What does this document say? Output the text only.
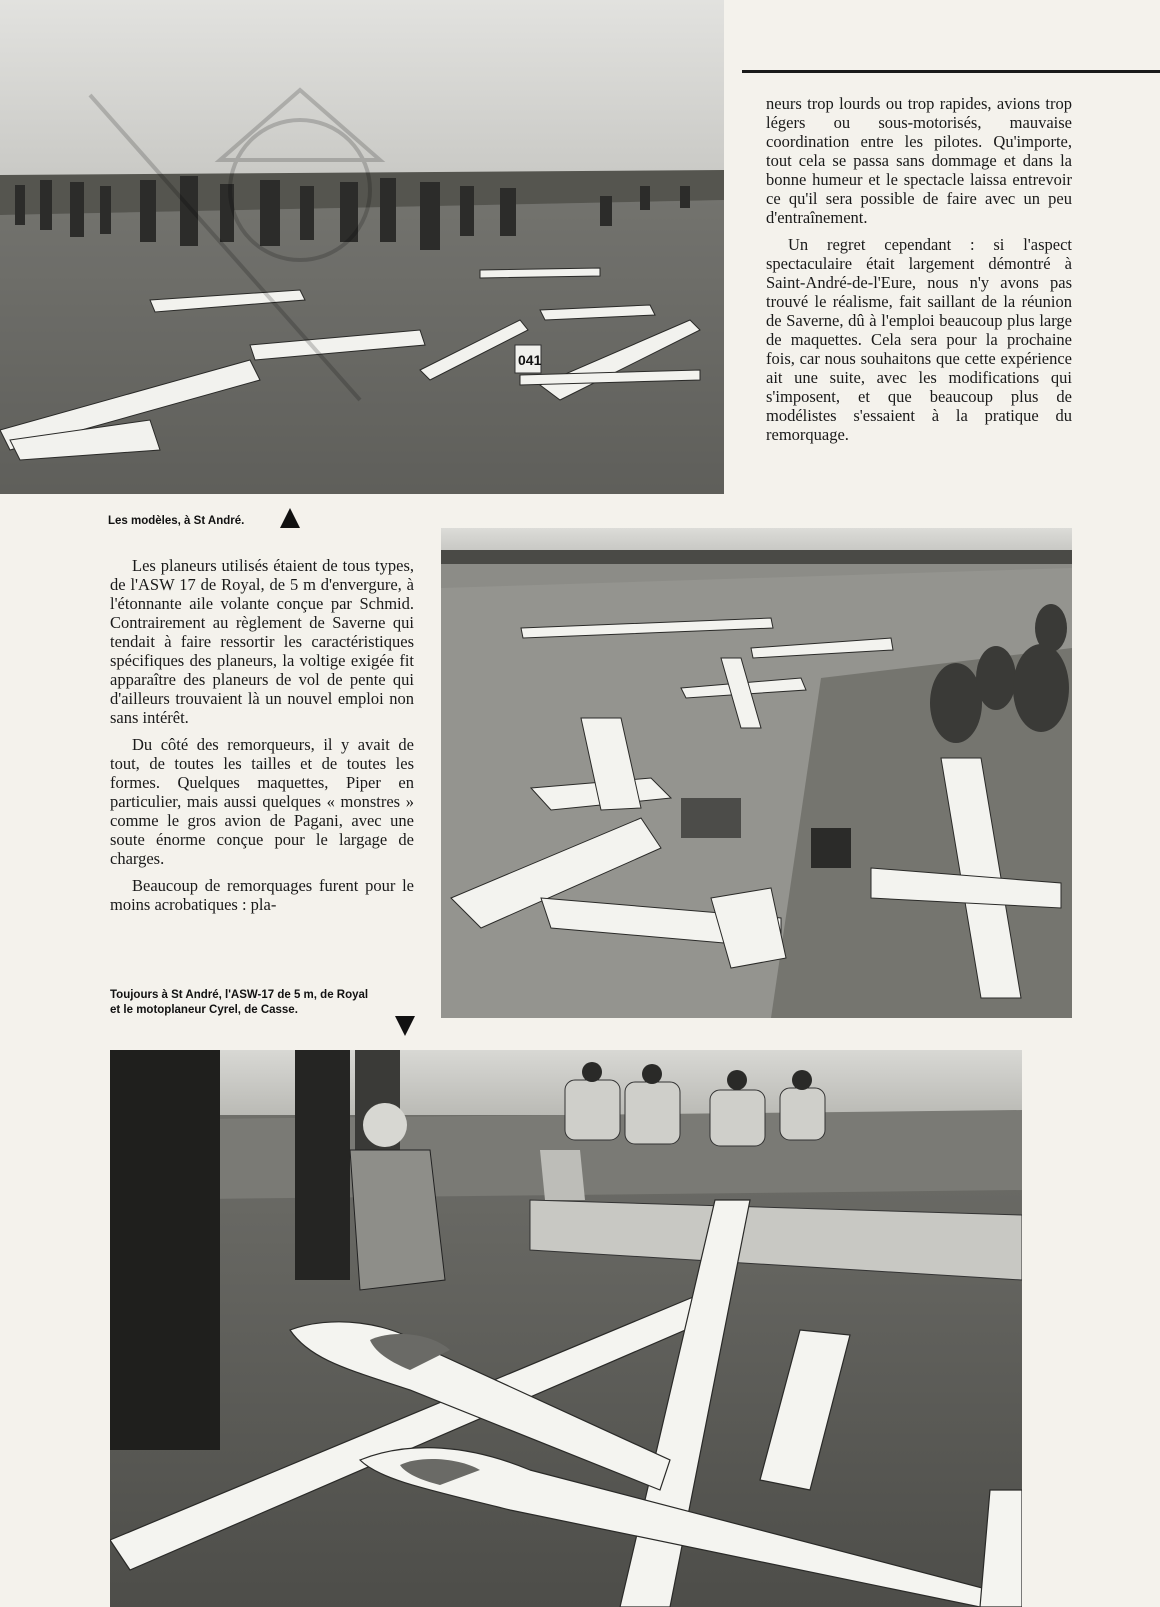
041

neurs trop lourds ou trop rapides, avions trop légers ou sous-motorisés, mauvaise coordination entre les pilotes. Qu'importe, tout cela se passa sans dommage et dans la bonne humeur et le spectacle laissa entrevoir ce qu'il sera possible de faire avec un peu d'entraînement.

Un regret cependant : si l'aspect spectaculaire était largement démontré à Saint-André-de-l'Eure, nous n'y avons pas trouvé le réalisme, fait saillant de la réunion de Saverne, dû à l'emploi beaucoup plus large de maquettes. Cela sera pour la prochaine fois, car nous souhaitons que cette expérience ait une suite, avec les modifications qui s'imposent, et que beaucoup plus de modélistes s'essaient à la pratique du remorquage.

Les modèles, à St André.

Les planeurs utilisés étaient de tous types, de l'ASW 17 de Royal, de 5 m d'envergure, à l'étonnante aile volante conçue par Schmid. Contrairement au règlement de Saverne qui tendait à faire ressortir les caractéristiques spécifiques des planeurs, la voltige exigée fit apparaître des planeurs de vol de pente qui d'ailleurs trouvaient là un nouvel emploi non sans intérêt.

Du côté des remorqueurs, il y avait de tout, de toutes les tailles et de toutes les formes. Quelques maquettes, Piper en particulier, mais aussi quelques « monstres » comme le gros avion de Pagani, avec une soute énorme conçue pour le largage de charges.

Beaucoup de remorquages furent pour le moins acrobatiques : pla-

Toujours à St André, l'ASW-17 de 5 m, de Royal
et le motoplaneur Cyrel, de Casse.
